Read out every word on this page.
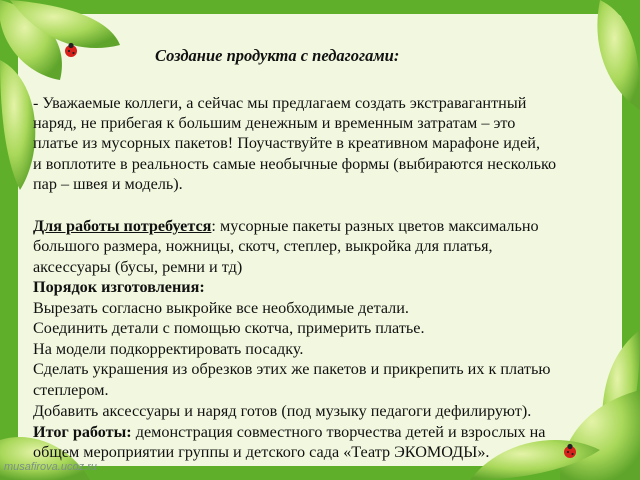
Создание продукта с педагогами:
- Уважаемые коллеги, а сейчас мы предлагаем создать экстравагантный
наряд, не прибегая к большим денежным и временным затратам – это
платье из мусорных пакетов! Поучаствуйте в креативном марафоне идей,
и воплотите в реальность самые необычные формы (выбираются несколько
пар – швея и модель).
Для работы потребуется: мусорные пакеты разных цветов максимально
большого размера, ножницы, скотч, степлер, выкройка для платья,
аксессуары (бусы, ремни и тд)
Порядок изготовления:
Вырезать согласно выкройке все необходимые детали.
Соединить детали с помощью скотча, примерить платье.
На модели подкорректировать посадку.
Сделать украшения из обрезков этих же пакетов и прикрепить их к платью
степлером.
Добавить аксессуары и наряд готов (под музыку педагоги дефилируют).
Итог работы: демонстрация совместного творчества детей и взрослых на
общем мероприятии группы и детского сада «Театр ЭКОМОДЫ».
musafirova.ucoz.ru
